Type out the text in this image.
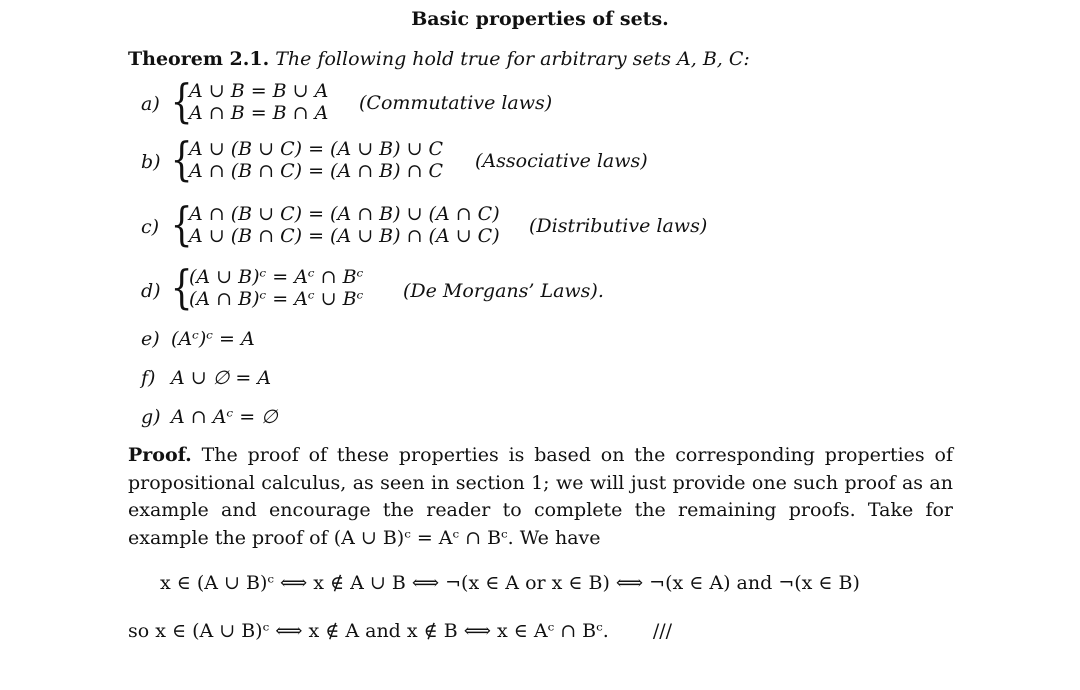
Basic properties of sets.
Theorem 2.1. The following hold true for arbitrary sets A, B, C:
a) {
A ∪ B = B ∪ A
A ∩ B = B ∩ A (Commutative laws)
b) {
A ∪ (B ∪ C) = (A ∪ B) ∪ C
A ∩ (B ∩ C) = (A ∩ B) ∩ C (Associative laws)
c) {
A ∩ (B ∪ C) = (A ∩ B) ∪ (A ∩ C)
A ∪ (B ∩ C) = (A ∪ B) ∩ (A ∪ C) (Distributive laws)
d) {
(A ∪ B)ᶜ = Aᶜ ∩ Bᶜ
(A ∩ B)ᶜ = Aᶜ ∪ Bᶜ (De Morgans’ Laws).
e) (Aᶜ)ᶜ = A
f) A ∪ ∅ = A
g) A ∩ Aᶜ = ∅
Proof. The proof of these properties is based on the corresponding properties of propositional calculus, as seen in section 1; we will just provide one such proof as an example and encourage the reader to complete the remaining proofs. Take for example the proof of (A ∪ B)ᶜ = Aᶜ ∩ Bᶜ. We have
x ∈ (A ∪ B)ᶜ ⟺ x ∉ A ∪ B ⟺ ¬(x ∈ A or x ∈ B) ⟺ ¬(x ∈ A) and ¬(x ∈ B)
so x ∈ (A ∪ B)ᶜ ⟺ x ∉ A and x ∉ B ⟺ x ∈ Aᶜ ∩ Bᶜ. ///
